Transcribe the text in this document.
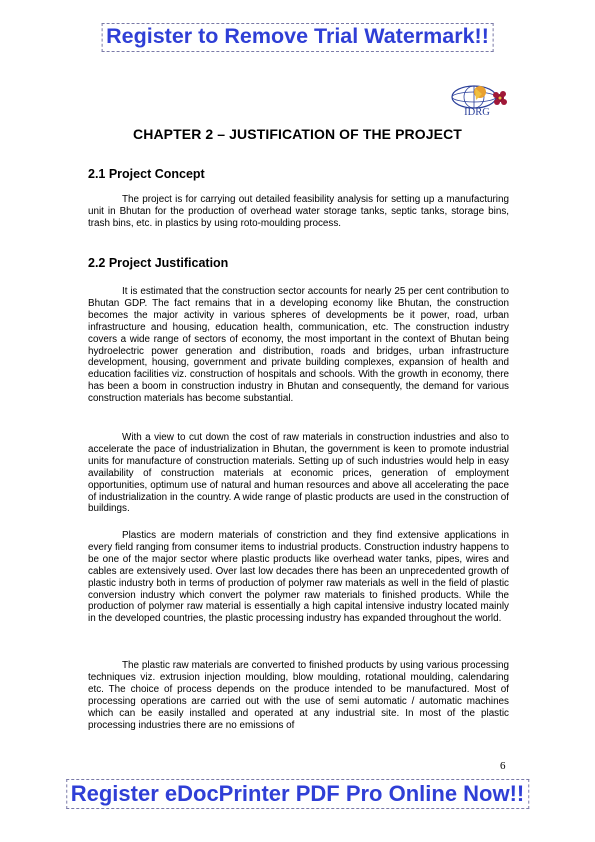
Register to Remove Trial Watermark!!
IDRG
CHAPTER 2 – JUSTIFICATION OF THE PROJECT
2.1 Project Concept

The project is for carrying out detailed feasibility analysis for setting up a manufacturing unit in Bhutan for the production of overhead water storage tanks, septic tanks, storage bins, trash bins, etc. in plastics by using roto-moulding process.

2.2 Project Justification

It is estimated that the construction sector accounts for nearly 25 per cent contribution to Bhutan GDP. The fact remains that in a developing economy like Bhutan, the construction becomes the major activity in various spheres of developments be it power, road, urban infrastructure and housing, education health, communication, etc. The construction industry covers a wide range of sectors of economy, the most important in the context of Bhutan being hydroelectric power generation and distribution, roads and bridges, urban infrastructure development, housing, government and private building complexes, expansion of health and education facilities viz. construction of hospitals and schools. With the growth in economy, there has been a boom in construction industry in Bhutan and consequently, the demand for various construction materials has become substantial.

With a view to cut down the cost of raw materials in construction industries and also to accelerate the pace of industrialization in Bhutan, the government is keen to promote industrial units for manufacture of construction materials. Setting up of such industries would help in easy availability of construction materials at economic prices, generation of employment opportunities, optimum use of natural and human resources and above all accelerating the pace of industrialization in the country. A wide range of plastic products are used in the construction of buildings.

Plastics are modern materials of constriction and they find extensive applications in every field ranging from consumer items to industrial products. Construction industry happens to be one of the major sector where plastic products like overhead water tanks, pipes, wires and cables are extensively used. Over last low decades there has been an unprecedented growth of plastic industry both in terms of production of polymer raw materials as well in the field of plastic conversion industry which convert the polymer raw materials to finished products. While the production of polymer raw material is essentially a high capital intensive industry located mainly in the developed countries, the plastic processing industry has expanded throughout the world.

The plastic raw materials are converted to finished products by using various processing techniques viz. extrusion injection moulding, blow moulding, rotational moulding, calendaring etc. The choice of process depends on the produce intended to be manufactured. Most of processing operations are carried out with the use of semi automatic / automatic machines which can be easily installed and operated at any industrial site. In most of the plastic processing industries there are no emissions of

6
Register eDocPrinter PDF Pro Online Now!!
